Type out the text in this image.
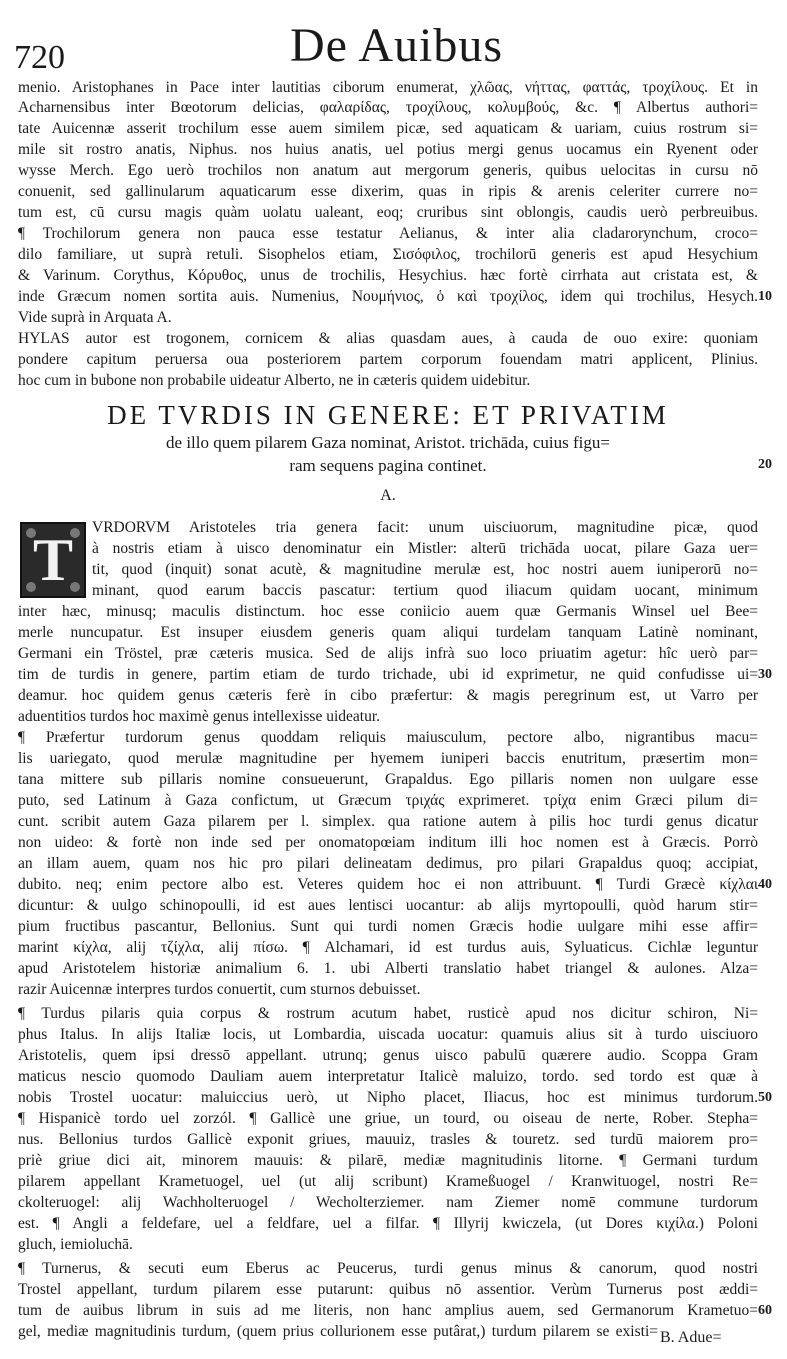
720	De Auibus
menio. Aristophanes in Pace inter lautitias ciborum enumerat, χλῶας, νήττας, φαττάς, τροχίλους. Et in
Acharnensibus inter Bœotorum delicias, φαλαρίδας, τροχίλους, κολυμβούς, &c. ¶ Albertus authori=
tate Auicennæ asserit trochilum esse auem similem picæ, sed aquaticam & uariam, cuius rostrum si=
mile sit rostro anatis, Niphus. nos huius anatis, uel potius mergi genus uocamus ein Ryenent oder
wysse Merch. Ego uerò trochilos non anatum aut mergorum generis, quibus uelocitas in cursu nō
conuenit, sed gallinularum aquaticarum esse dixerim, quas in ripis & arenis celeriter currere no=
tum est, cū cursu magis quàm uolatu ualeant, eoq; cruribus sint oblongis, caudis uerò perbreuibus.
¶ Trochilorum genera non pauca esse testatur Aelianus, & inter alia cladarorynchum, croco=
dilo familiare, ut suprà retuli. Sisophelos etiam, Σισόφιλος, trochilorū generis est apud Hesychium
& Varinum. Corythus, Κόρυθος, unus de trochilis, Hesychius. hæc fortè cirrhata aut cristata est, &
inde Græcum nomen sortita auis. Numenius, Νουμήνιος, ὁ καὶ τροχίλος, idem qui trochilus, Hesych.
Vide suprà in Arquata A.
HYLAS autor est trogonem, cornicem & alias quasdam aues, à cauda de ouo exire: quoniam
pondere capitum peruersa oua posteriorem partem corporum fouendam matri applicent, Plinius.
hoc cum in bubone non probabile uideatur Alberto, ne in cæteris quidem uidebitur.
DE TVRDIS IN GENERE: ET PRIVATIM
de illo quem pilarem Gaza nominat, Aristot. trichāda, cuius figu=
ram sequens pagina continet.
A.
T	VRDORVM Aristoteles tria genera facit: unum uisciuorum, magnitudine picæ, quod
à nostris etiam à uisco denominatur ein Mistler: alterū trichāda uocat, pilare Gaza uer=
tit, quod (inquit) sonat acutè, & magnitudine merulæ est, hoc nostri auem iuniperorū no=
minant, quod earum baccis pascatur: tertium quod iliacum quidam uocant, minimum
inter hæc, minusq; maculis distinctum. hoc esse coniicio auem quæ Germanis Winsel uel Bee=
merle nuncupatur. Est insuper eiusdem generis quam aliqui turdelam tanquam Latinè nominant,
Germani ein Tröstel, præ cæteris musica. Sed de alijs infrà suo loco priuatim agetur: hîc uerò par=
tim de turdis in genere, partim etiam de turdo trichade, ubi id exprimetur, ne quid confudisse ui=
deamur. hoc quidem genus cæteris ferè in cibo præfertur: & magis peregrinum est, ut Varro per
aduentitios turdos hoc maximè genus intellexisse uideatur.
¶ Præfertur turdorum genus quoddam reliquis maiusculum, pectore albo, nigrantibus macu=
lis uariegato, quod merulæ magnitudine per hyemem iuniperi baccis enutritum, præsertim mon=
tana mittere sub pillaris nomine consueuerunt, Grapaldus. Ego pillaris nomen non uulgare esse
puto, sed Latinum à Gaza confictum, ut Græcum τριχάς exprimeret. τρίχα enim Græci pilum di=
cunt. scribit autem Gaza pilarem per l. simplex. qua ratione autem à pilis hoc turdi genus dicatur
non uideo: & fortè non inde sed per onomatopœiam inditum illi hoc nomen est à Græcis. Porrò
an illam auem, quam nos hic pro pilari delineatam dedimus, pro pilari Grapaldus quoq; accipiat,
dubito. neq; enim pectore albo est. Veteres quidem hoc ei non attribuunt. ¶ Turdi Græcè κίχλαι
dicuntur: & uulgo schinopoulli, id est aues lentisci uocantur: ab alijs myrtopoulli, quòd harum stir=
pium fructibus pascantur, Bellonius. Sunt qui turdi nomen Græcis hodie uulgare mihi esse affir=
marint κίχλα, alij τζίχλα, alij πίσω. ¶ Alchamari, id est turdus auis, Syluaticus. Cichlæ leguntur
apud Aristotelem historiæ animalium 6. 1. ubi Alberti translatio habet triangel & aulones. Alza=
razir Auicennæ interpres turdos conuertit, cum sturnos debuisset.
¶ Turdus pilaris quia corpus & rostrum acutum habet, rusticè apud nos dicitur schiron, Ni=
phus Italus. In alijs Italiæ locis, ut Lombardia, uiscada uocatur: quamuis alius sit à turdo uisciuoro
Aristotelis, quem ipsi dressō appellant. utrunq; genus uisco pabulū quærere audio. Scoppa Gram
maticus nescio quomodo Dauliam auem interpretatur Italicè maluizo, tordo. sed tordo est quæ à
nobis Trostel uocatur: maluiccius uerò, ut Nipho placet, Iliacus, hoc est minimus turdorum.
¶ Hispanicè tordo uel zorzól. ¶ Gallicè une griue, un tourd, ou oiseau de nerte, Rober. Stepha=
nus. Bellonius turdos Gallicè exponit griues, mauuiz, trasles & touretz. sed turdū maiorem pro=
priè griue dici ait, minorem mauuis: & pilarē, mediæ magnitudinis litorne. ¶ Germani turdum
pilarem appellant Krametuogel, uel (ut alij scribunt) Krameßuogel / Kranwituogel, nostri Re=
ckolteruogel: alij Wachholteruogel / Wecholterziemer. nam Ziemer nomē commune turdorum
est. ¶ Angli a feldefare, uel a feldfare, uel a filfar. ¶ Illyrij kwiczela, (ut Dores κιχίλα.) Poloni
gluch, iemioluchā.
¶ Turnerus, & secuti eum Eberus ac Peucerus, turdi genus minus & canorum, quod nostri
Trostel appellant, turdum pilarem esse putarunt: quibus nō assentior. Verùm Turnerus post æddi=
tum de auibus librum in suis ad me literis, non hanc amplius auem, sed Germanorum Krametuo=
gel, mediæ magnitudinis turdum, (quem prius collurionem esse putârat,) turdum pilarem se existi=
10
20
30
40
50
60
B. Adue=
